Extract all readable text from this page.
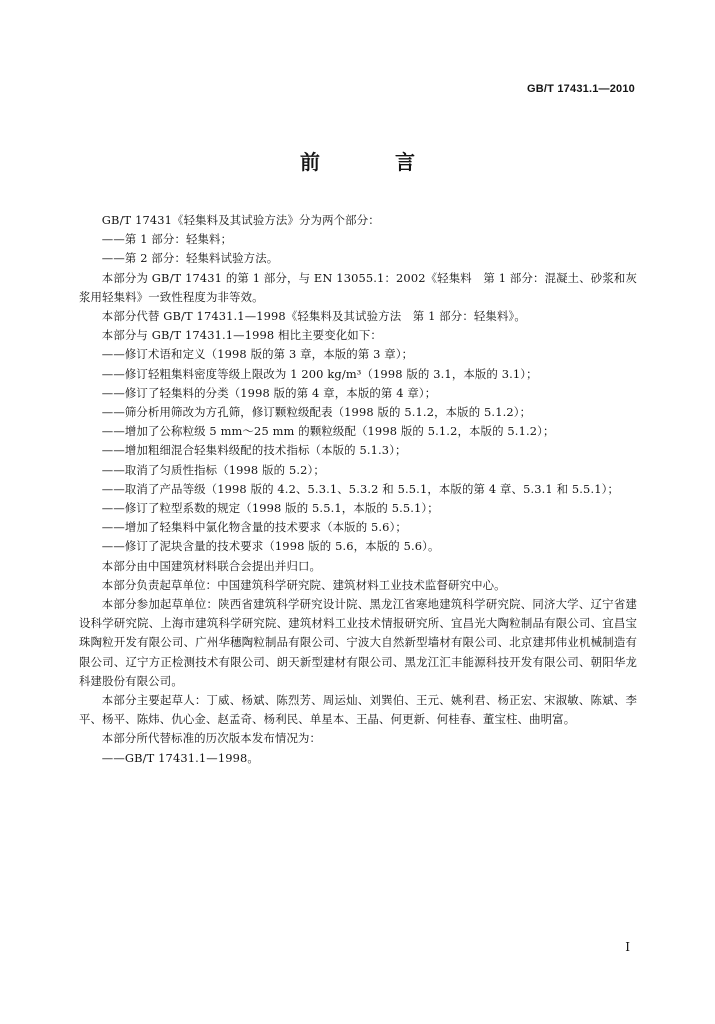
GB/T 17431.1—2010
前 言

GB/T 17431《轻集料及其试验方法》分为两个部分：

——第 1 部分：轻集料；

——第 2 部分：轻集料试验方法。

本部分为 GB/T 17431 的第 1 部分，与 EN 13055.1：2002《轻集料　第 1 部分：混凝土、砂浆和灰浆用轻集料》一致性程度为非等效。

本部分代替 GB/T 17431.1—1998《轻集料及其试验方法　第 1 部分：轻集料》。

本部分与 GB/T 17431.1—1998 相比主要变化如下：

——修订术语和定义（1998 版的第 3 章，本版的第 3 章）；

——修订轻粗集料密度等级上限改为 1 200 kg/m³（1998 版的 3.1，本版的 3.1）；

——修订了轻集料的分类（1998 版的第 4 章，本版的第 4 章）；

——筛分析用筛改为方孔筛，修订颗粒级配表（1998 版的 5.1.2，本版的 5.1.2）；

——增加了公称粒级 5 mm～25 mm 的颗粒级配（1998 版的 5.1.2，本版的 5.1.2）；

——增加粗细混合轻集料级配的技术指标（本版的 5.1.3）；

——取消了匀质性指标（1998 版的 5.2）；

——取消了产品等级（1998 版的 4.2、5.3.1、5.3.2 和 5.5.1，本版的第 4 章、5.3.1 和 5.5.1）；

——修订了粒型系数的规定（1998 版的 5.5.1，本版的 5.5.1）；

——增加了轻集料中氯化物含量的技术要求（本版的 5.6）；

——修订了泥块含量的技术要求（1998 版的 5.6，本版的 5.6）。

本部分由中国建筑材料联合会提出并归口。

本部分负责起草单位：中国建筑科学研究院、建筑材料工业技术监督研究中心。

本部分参加起草单位：陕西省建筑科学研究设计院、黑龙江省寒地建筑科学研究院、同济大学、辽宁省建设科学研究院、上海市建筑科学研究院、建筑材料工业技术情报研究所、宜昌光大陶粒制品有限公司、宜昌宝珠陶粒开发有限公司、广州华穗陶粒制品有限公司、宁波大自然新型墙材有限公司、北京建邦伟业机械制造有限公司、辽宁方正检测技术有限公司、朗天新型建材有限公司、黑龙江汇丰能源科技开发有限公司、朝阳华龙科建股份有限公司。

本部分主要起草人：丁威、杨斌、陈烈芳、周运灿、刘巽伯、王元、姚利君、杨正宏、宋淑敏、陈斌、李平、杨平、陈炜、仇心金、赵孟奇、杨利民、单星本、王晶、何更新、何桂春、董宝柱、曲明富。

本部分所代替标准的历次版本发布情况为：

——GB/T 17431.1—1998。

I
